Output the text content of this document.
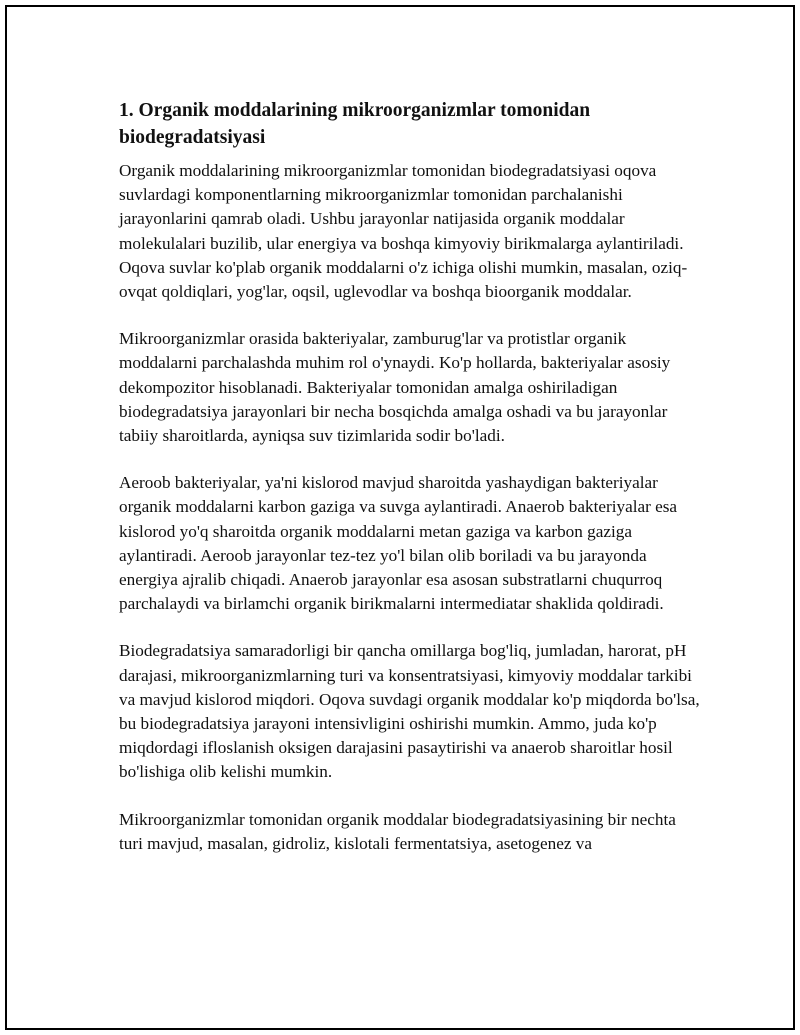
1. Organik moddalarining mikroorganizmlar tomonidan biodegradatsiyasi

Organik moddalarining mikroorganizmlar tomonidan biodegradatsiyasi oqova suvlardagi komponentlarning mikroorganizmlar tomonidan parchalanishi jarayonlarini qamrab oladi. Ushbu jarayonlar natijasida organik moddalar molekulalari buzilib, ular energiya va boshqa kimyoviy birikmalarga aylantiriladi. Oqova suvlar ko'plab organik moddalarni o'z ichiga olishi mumkin, masalan, oziq-ovqat qoldiqlari, yog'lar, oqsil, uglevodlar va boshqa bioorganik moddalar.

Mikroorganizmlar orasida bakteriyalar, zamburug'lar va protistlar organik moddalarni parchalashda muhim rol o'ynaydi. Ko'p hollarda, bakteriyalar asosiy dekompozitor hisoblanadi. Bakteriyalar tomonidan amalga oshiriladigan biodegradatsiya jarayonlari bir necha bosqichda amalga oshadi va bu jarayonlar tabiiy sharoitlarda, ayniqsa suv tizimlarida sodir bo'ladi.

Aeroob bakteriyalar, ya'ni kislorod mavjud sharoitda yashaydigan bakteriyalar organik moddalarni karbon gaziga va suvga aylantiradi. Anaerob bakteriyalar esa kislorod yo'q sharoitda organik moddalarni metan gaziga va karbon gaziga aylantiradi. Aeroob jarayonlar tez-tez yo'l bilan olib boriladi va bu jarayonda energiya ajralib chiqadi. Anaerob jarayonlar esa asosan substratlarni chuqurroq parchalaydi va birlamchi organik birikmalarni intermediatar shaklida qoldiradi.

Biodegradatsiya samaradorligi bir qancha omillarga bog'liq, jumladan, harorat, pH darajasi, mikroorganizmlarning turi va konsentratsiyasi, kimyoviy moddalar tarkibi va mavjud kislorod miqdori. Oqova suvdagi organik moddalar ko'p miqdorda bo'lsa, bu biodegradatsiya jarayoni intensivligini oshirishi mumkin. Ammo, juda ko'p miqdordagi ifloslanish oksigen darajasini pasaytirishi va anaerob sharoitlar hosil bo'lishiga olib kelishi mumkin.

Mikroorganizmlar tomonidan organik moddalar biodegradatsiyasining bir nechta turi mavjud, masalan, gidroliz, kislotali fermentatsiya, asetogenez va
